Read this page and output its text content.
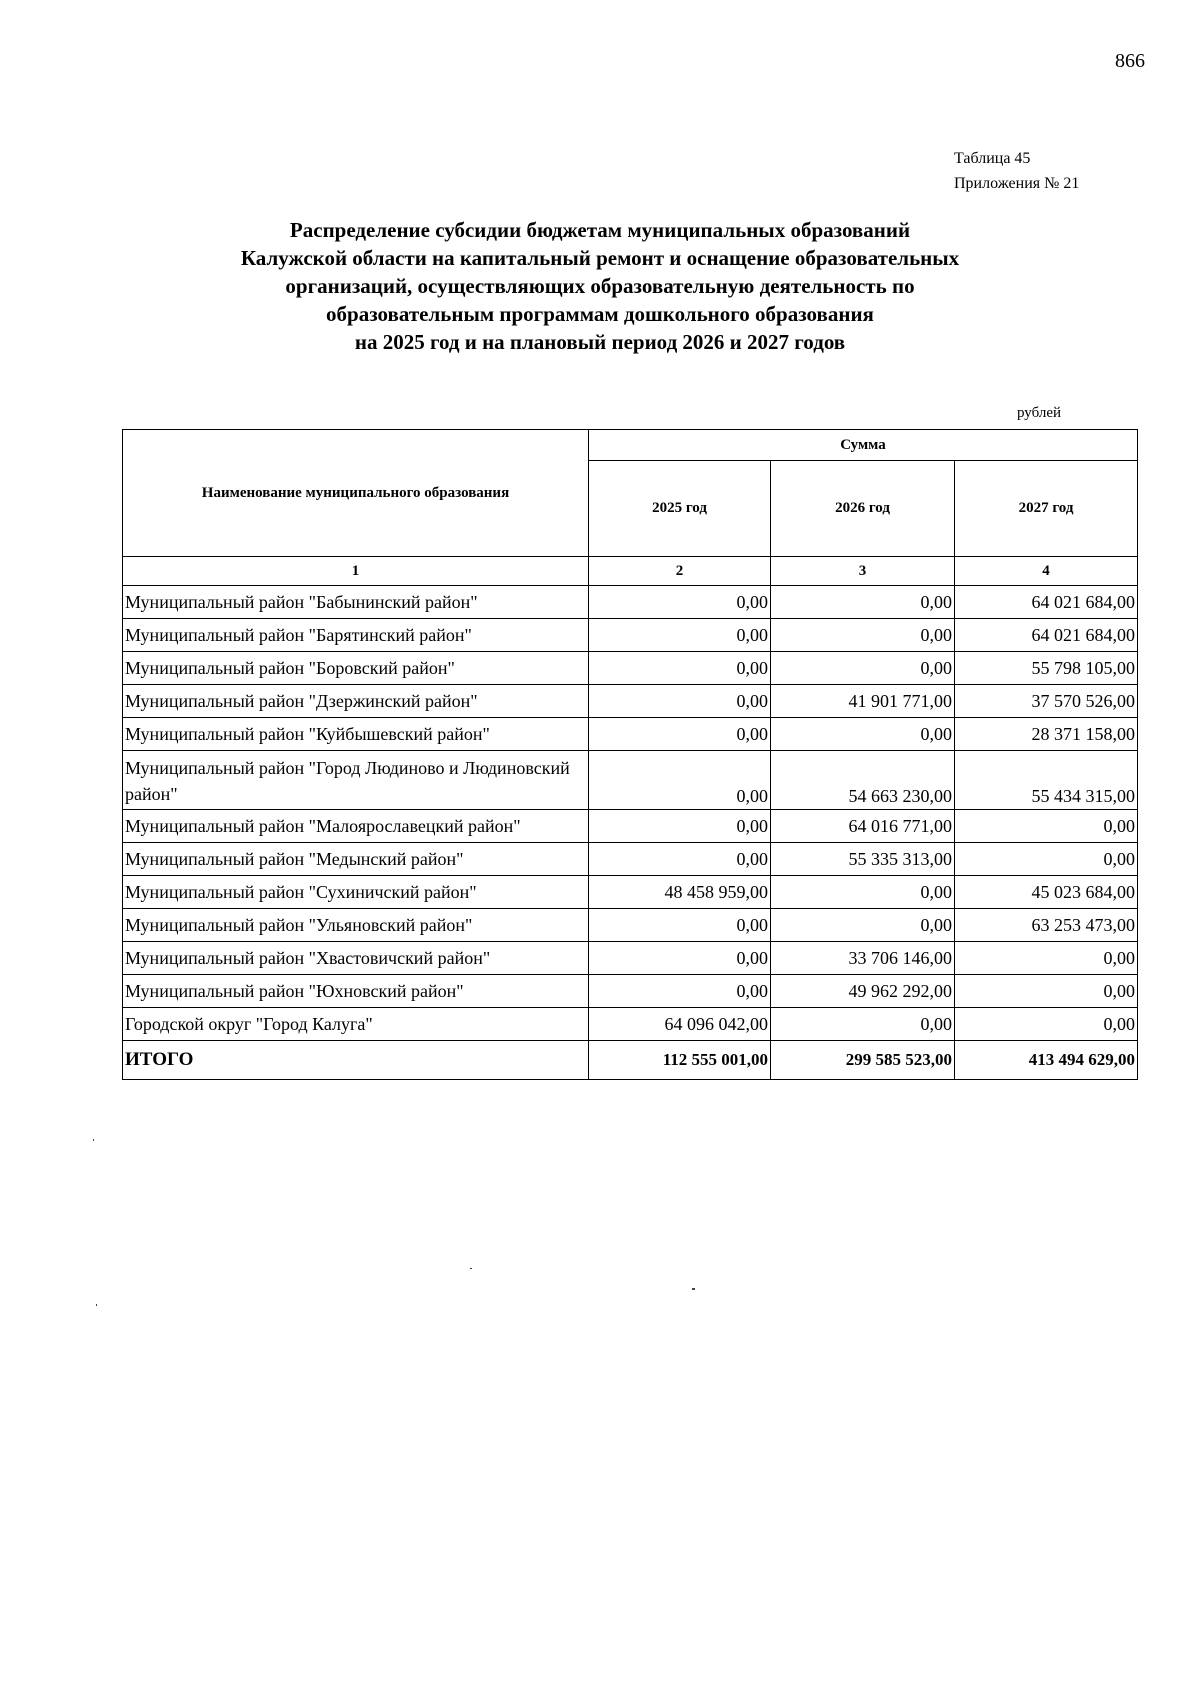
866
Таблица 45
Приложения № 21
Распределение субсидии бюджетам муниципальных образований
Калужской области на капитальный ремонт и оснащение образовательных
организаций, осуществляющих образовательную деятельность по
образовательным программам дошкольного образования
на 2025 год и на плановый период 2026 и 2027 годов
рублей
Наименование муниципального образования	Сумма		
	2025 год	2026 год	2027 год
1	2	3	4
Муниципальный район "Бабынинский район"	0,00	0,00	64 021 684,00
Муниципальный район "Барятинский район"	0,00	0,00	64 021 684,00
Муниципальный район "Боровский район"	0,00	0,00	55 798 105,00
Муниципальный район "Дзержинский район"	0,00	41 901 771,00	37 570 526,00
Муниципальный район "Куйбышевский район"	0,00	0,00	28 371 158,00
Муниципальный район "Город Людиново и Людиновский район"	0,00	54 663 230,00	55 434 315,00
Муниципальный район "Малоярославецкий район"	0,00	64 016 771,00	0,00
Муниципальный район "Медынский район"	0,00	55 335 313,00	0,00
Муниципальный район "Сухиничский район"	48 458 959,00	0,00	45 023 684,00
Муниципальный район "Ульяновский район"	0,00	0,00	63 253 473,00
Муниципальный район "Хвастовичский район"	0,00	33 706 146,00	0,00
Муниципальный район "Юхновский район"	0,00	49 962 292,00	0,00
Городской округ "Город Калуга"	64 096 042,00	0,00	0,00
ИТОГО	112 555 001,00	299 585 523,00	413 494 629,00
